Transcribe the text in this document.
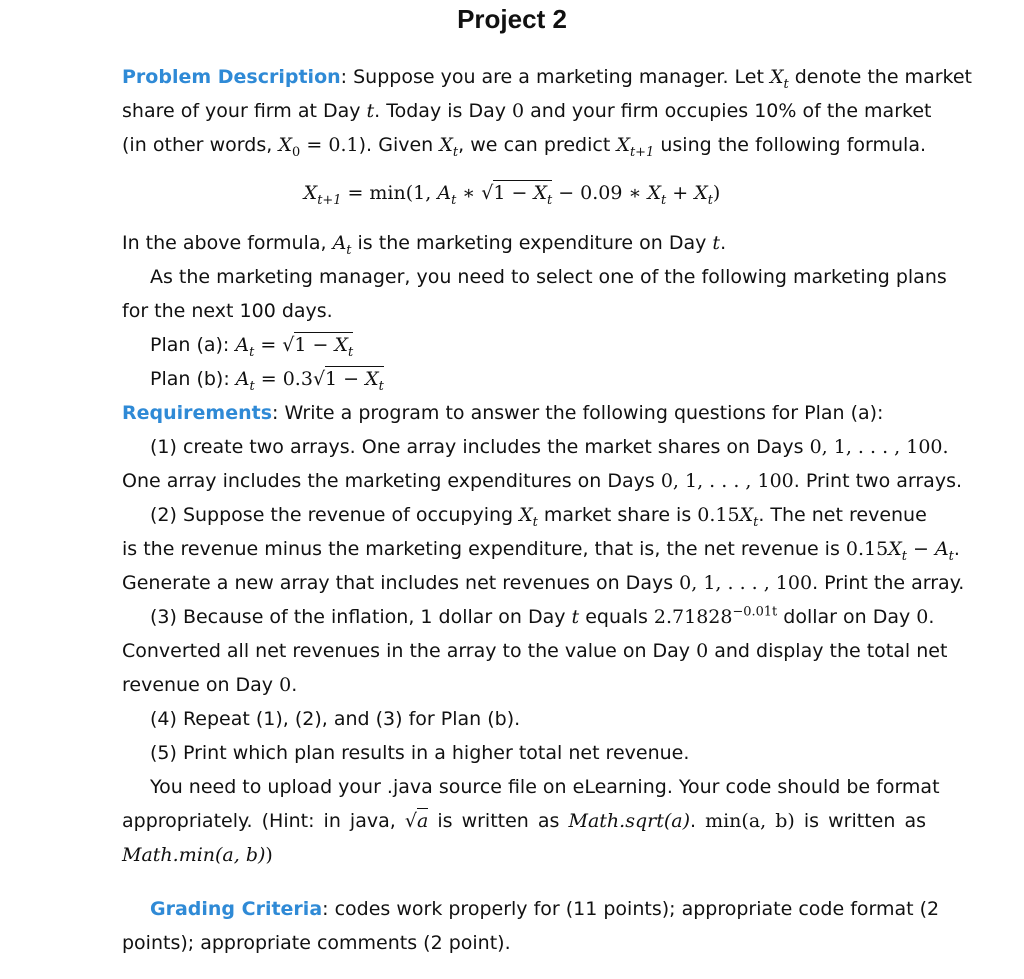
Project 2
Problem Description: Suppose you are a marketing manager. Let $X_t$ denote the market
share of your firm at Day t. Today is Day 0 and your firm occupies 10% of the market
(in other words, $X_0 = 0.1$). Given $X_t$, we can predict $X_{t+1}$ using the following formula.
$X_{t+1} = \min(1$, $A_t$ ∗ $√1 - X_t - 0.09$ ∗ $X_t + X_t$)
In the above formula, $A_t$ is the marketing expenditure on Day t.
As the marketing manager, you need to select one of the following marketing plans
for the next 100 days.
Plan (a): $A_t = √1 - X_t$
Plan (b): $A_t = 0.3√1 - X_t$
Requirements: Write a program to answer the following questions for Plan (a):
(1) create two arrays. One array includes the market shares on Days 0, 1, . . . , 100.
One array includes the marketing expenditures on Days 0, 1, . . . , 100. Print two arrays.
(2) Suppose the revenue of occupying $X_t$ market share is $0.15X_t$. The net revenue
is the revenue minus the marketing expenditure, that is, the net revenue is $0.15X_t - A_t$.
Generate a new array that includes net revenues on Days 0, 1, . . . , 100. Print the array.
(3) Because of the inflation, 1 dollar on Day t equals $2.71828^{-0.01t}$ dollar on Day 0.
Converted all net revenues in the array to the value on Day 0 and display the total net
revenue on Day 0.
(4) Repeat (1), (2), and (3) for Plan (b).
(5) Print which plan results in a higher total net revenue.
You need to upload your .java source file on eLearning. Your code should be format
appropriately. (Hint: in java, √a is written as Math.sqrt(a). min(a, b) is written as
Math.min(a, b))
Grading Criteria: codes work properly for (11 points); appropriate code format (2
points); appropriate comments (2 point).
